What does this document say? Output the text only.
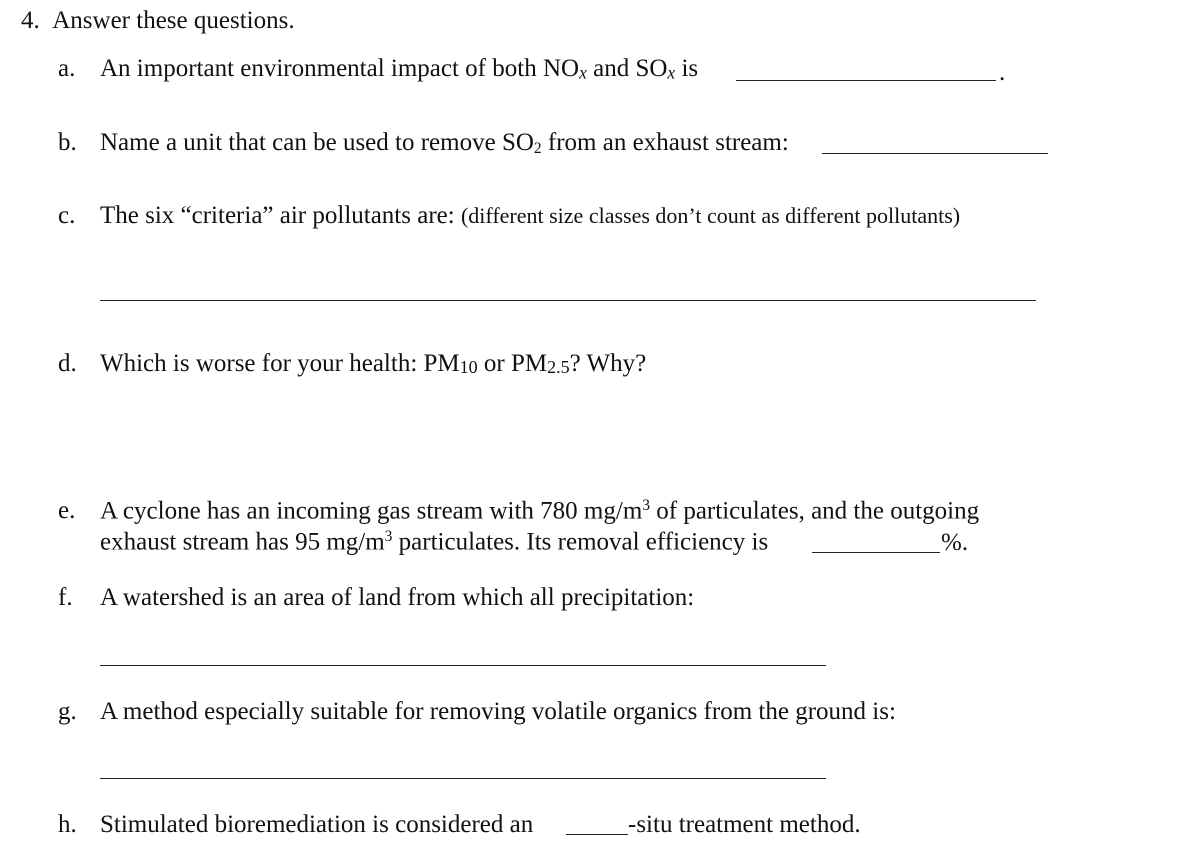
4. Answer these questions.
a. An important environmental impact of both NOx and SOx is	.
b. Name a unit that can be used to remove SO2 from an exhaust stream:
c. The six “criteria” air pollutants are: (different size classes don’t count as different pollutants)
d. Which is worse for your health: PM10 or PM2.5? Why?
e. A cyclone has an incoming gas stream with 780 $mg/m^3$ of particulates, and the outgoing
exhaust stream has 95 $mg/m^3$ particulates. Its removal efficiency is	%.
f.	A watershed is an area of land from which all precipitation:
g. A method especially suitable for removing volatile organics from the ground is:
h. Stimulated bioremediation is considered an	-situ treatment method.
